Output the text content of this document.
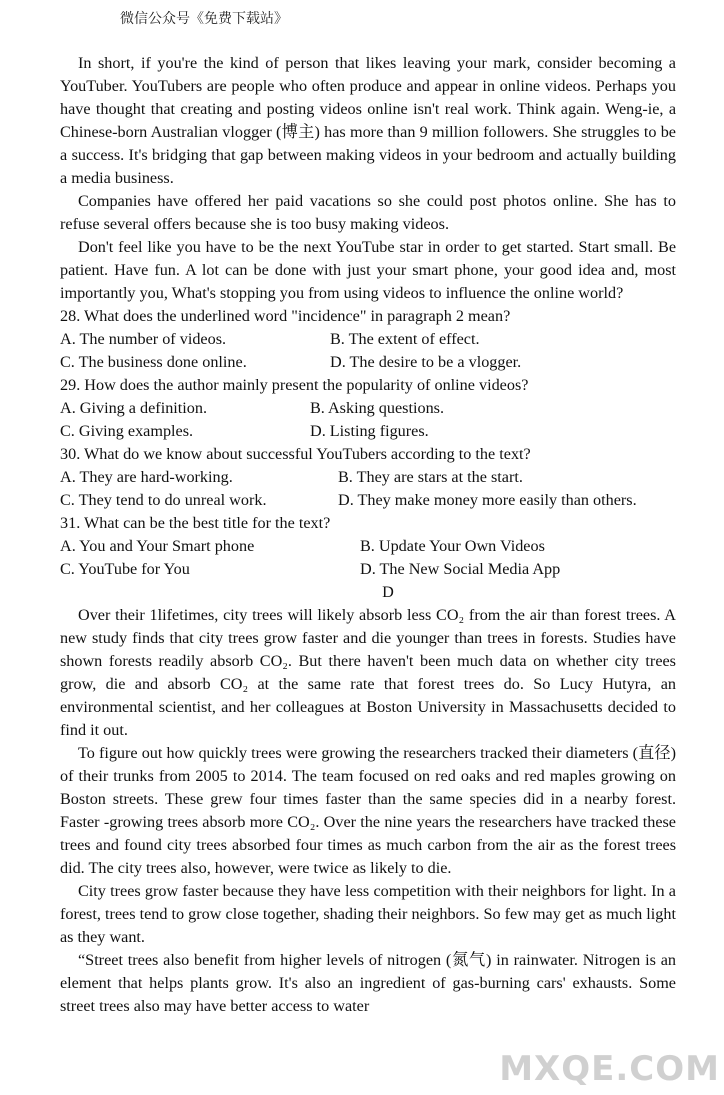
微信公众号《免费下载站》

In short, if you're the kind of person that likes leaving your mark, consider becoming a YouTuber. YouTubers are people who often produce and appear in online videos. Perhaps you have thought that creating and posting videos online isn't real work. Think again. Weng-ie, a Chinese-born Australian vlogger (博主) has more than 9 million followers. She struggles to be a success. It's bridging that gap between making videos in your bedroom and actually building a media business.

Companies have offered her paid vacations so she could post photos online. She has to refuse several offers because she is too busy making videos.

Don't feel like you have to be the next YouTube star in order to get started. Start small. Be patient. Have fun. A lot can be done with just your smart phone, your good idea and, most importantly you, What's stopping you from using videos to influence the online world?

28. What does the underlined word "incidence" in paragraph 2 mean?
A. The number of videos.	B. The extent of effect.
C. The business done online.	D. The desire to be a vlogger.
29. How does the author mainly present the popularity of online videos?
A. Giving a definition.	B. Asking questions.
C. Giving examples.	D. Listing figures.
30. What do we know about successful YouTubers according to the text?
A. They are hard-working.	B. They are stars at the start.
C. They tend to do unreal work.	D. They make money more easily than others.
31. What can be the best title for the text?
A. You and Your Smart phone	B. Update Your Own Videos
C. YouTube for You	D. The New Social Media App
D

Over their 1lifetimes, city trees will likely absorb less CO₂ from the air than forest trees. A new study finds that city trees grow faster and die younger than trees in forests. Studies have shown forests readily absorb CO₂. But there haven't been much data on whether city trees grow, die and absorb CO₂ at the same rate that forest trees do. So Lucy Hutyra, an environmental scientist, and her colleagues at Boston University in Massachusetts decided to find it out.

To figure out how quickly trees were growing the researchers tracked their diameters (直径) of their trunks from 2005 to 2014. The team focused on red oaks and red maples growing on Boston streets. These grew four times faster than the same species did in a nearby forest. Faster -growing trees absorb more CO₂. Over the nine years the researchers have tracked these trees and found city trees absorbed four times as much carbon from the air as the forest trees did. The city trees also, however, were twice as likely to die.

City trees grow faster because they have less competition with their neighbors for light. In a forest, trees tend to grow close together, shading their neighbors. So few may get as much light as they want.

“Street trees also benefit from higher levels of nitrogen (氮气) in rainwater. Nitrogen is an element that helps plants grow. It's also an ingredient of gas-burning cars' exhausts. Some street trees also may have better access to water

MXQE.COM
